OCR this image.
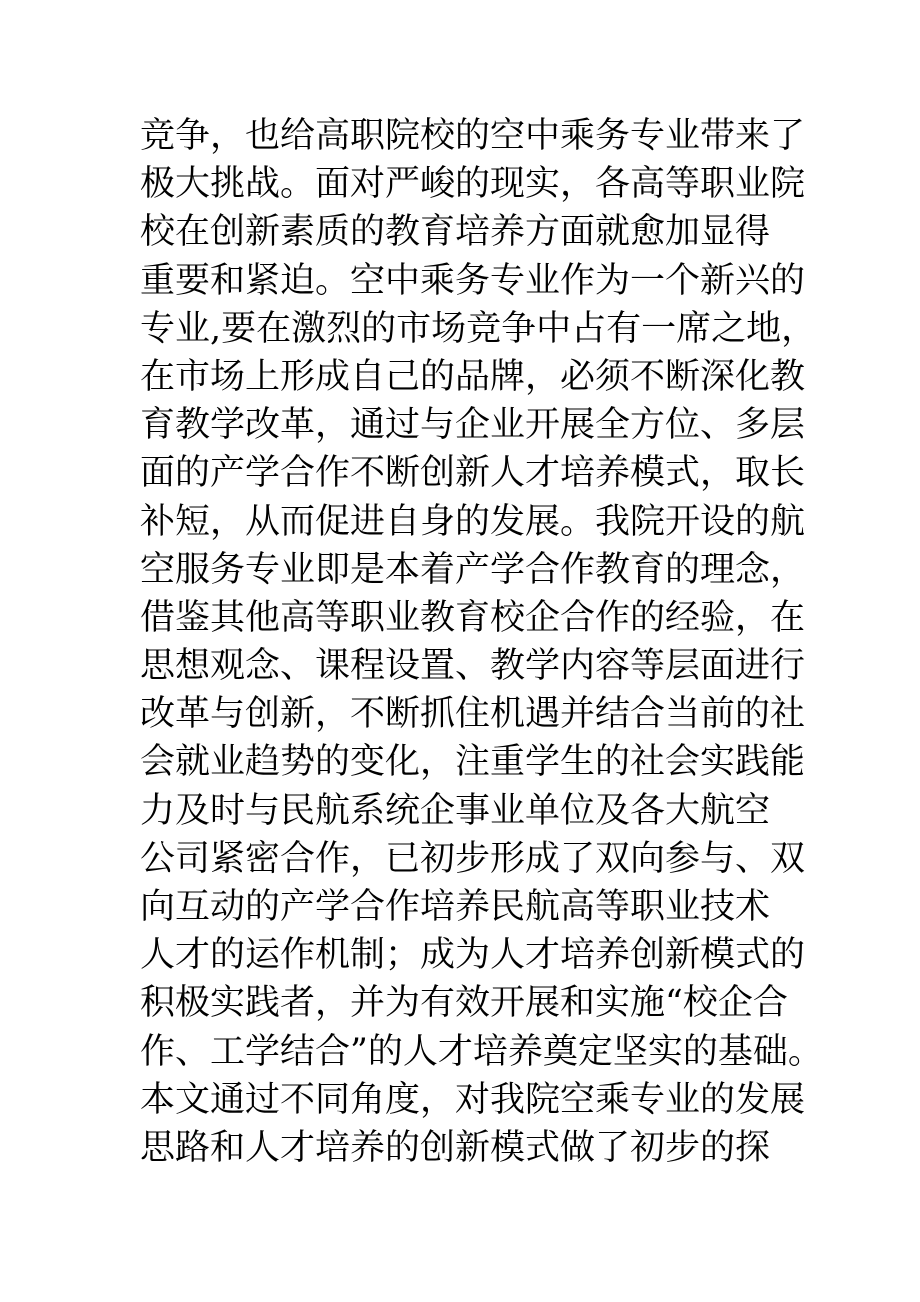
竞争，也给高职院校的空中乘务专业带来了
极大挑战。面对严峻的现实，各高等职业院
校在创新素质的教育培养方面就愈加显得
重要和紧迫。空中乘务专业作为一个新兴的
专业,要在激烈的市场竞争中占有一席之地，
在市场上形成自己的品牌，必须不断深化教
育教学改革，通过与企业开展全方位、多层
面的产学合作不断创新人才培养模式，取长
补短，从而促进自身的发展。我院开设的航
空服务专业即是本着产学合作教育的理念，
借鉴其他高等职业教育校企合作的经验，在
思想观念、课程设置、教学内容等层面进行
改革与创新，不断抓住机遇并结合当前的社
会就业趋势的变化，注重学生的社会实践能
力及时与民航系统企事业单位及各大航空
公司紧密合作，已初步形成了双向参与、双
向互动的产学合作培养民航高等职业技术
人才的运作机制；成为人才培养创新模式的
积极实践者，并为有效开展和实施“校企合
作、工学结合”的人才培养奠定坚实的基础。
本文通过不同角度，对我院空乘专业的发展
思路和人才培养的创新模式做了初步的探
